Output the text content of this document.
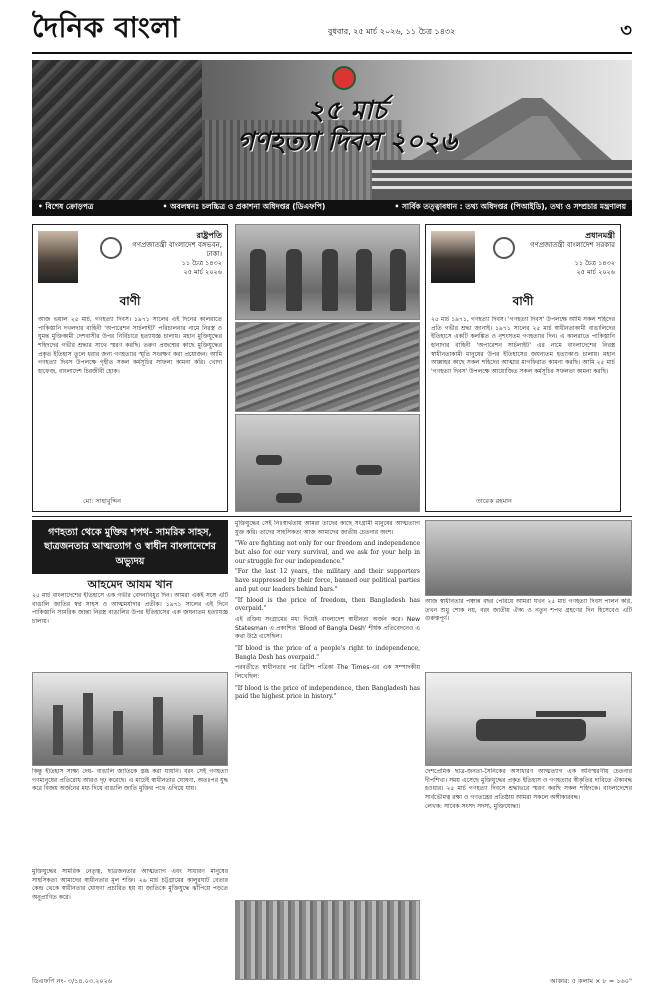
দৈনিক বাংলা	বুধবার, ২৫ মার্চ ২০২৬, ১১ চৈত্র ১৪৩২	৩
২৫ মার্চ
গণহত্যা দিবস ২০২৬
• বিশেষ ক্রোড়পত্র	• অবলম্বনঃ চলচ্চিত্র ও প্রকাশনা অধিদপ্তর (ডিএফপি)	• সার্বিক তত্ত্বাবধান : তথ্য অধিদপ্তর (পিআইডি), তথ্য ও সম্প্রচার মন্ত্রণালয়
রাষ্ট্রপতি
গণপ্রজাতন্ত্রী বাংলাদেশ বঙ্গভবন, ঢাকা।
১১ চৈত্র ১৪৩২
২৫ মার্চ ২০২৬
বাণী
আজ ভয়াল ২৫ মার্চ, গণহত্যা দিবস। ১৯৭১ সালের এই দিনের কালরাতে পাকিস্তানি দখলদার বাহিনী 'অপারেশন সার্চলাইট' পরিচালনার নামে নিরস্ত্র ও ঘুমন্ত মুক্তিকামী দেশবাসীর উপর নির্বিচারে হত্যাযজ্ঞ চালায়। মহান মুক্তিযুদ্ধের শহিদদের গভীর শ্রদ্ধার সাথে স্মরণ করছি। তরুণ প্রজন্মের কাছে মুক্তিযুদ্ধের প্রকৃত ইতিহাস তুলে ধরার জন্য গণহত্যার স্মৃতি সংরক্ষণ করা প্রয়োজন। আমি গণহত্যা দিবস উপলক্ষে গৃহীত সকল কর্মসূচির সাফল্য কামনা করি। খোদা হাফেজ, বাংলাদেশ চিরজীবী হোক।
মো: সাহাবুদ্দিন
প্রধানমন্ত্রী
গণপ্রজাতন্ত্রী বাংলাদেশ সরকার
১১ চৈত্র ১৪৩২
২৫ মার্চ ২০২৬
বাণী
২৫ মার্চ ১৯৭১, গণহত্যা দিবস। 'গণহত্যা দিবস' উপলক্ষে আমি সকল শহিদের প্রতি গভীর শ্রদ্ধা জানাই। ১৯৭১ সালের ২৫ মার্চ স্বাধীনতাকামী বাঙালিদের ইতিহাসে একটি কলঙ্কিত ও নৃশংসতম গণহত্যার দিন। এ কালরাতে পাকিস্তানি হানাদার বাহিনী 'অপারেশন সার্চলাইট' এর নামে বাংলাদেশের নিরস্ত্র স্বাধীনতাকামী মানুষের উপর ইতিহাসের জঘন্যতম হত্যাকাণ্ড চালায়। মহান আল্লাহর কাছে সকল শহিদের আত্মার মাগফিরাত কামনা করছি। আমি ২৫ মার্চ 'গণহত্যা দিবস' উপলক্ষে আয়োজিত সকল কর্মসূচির সফলতা কামনা করছি।
তারেক রহমান
গণহত্যা থেকে মুক্তির শপথ- সামরিক সাহস, ছাত্রজনতার আত্মত্যাগ ও স্বাধীন বাংলাদেশের অভ্যুদয়
আহমেদ আযম খান
২৫ মার্চ বাংলাদেশের ইতিহাসে এক গভীর বেদনাবিধুর দিন। আমরা একই সঙ্গে এটি বাঙালি জাতির স্বপ্ন সাহস ও আত্মমর্যাদার প্রতীক। ১৯৭১ সালের এই দিনে পাকিস্তানি সামরিক জান্তা নিরস্ত্র বাঙালির উপর ইতিহাসের এক জঘন্যতম হত্যাযজ্ঞ চালায়।
কিন্তু ইতিহাস সাক্ষ্য দেয়- বাঙালি জাতিকে স্তব্ধ করা যায়নি। বরং সেই গণহত্যা গণমানুষের প্রতিরোধ আরও দৃঢ় করেছে। এ মার্চেই স্বাধীনতার ঘোষণা, অতঃপর যুদ্ধ করে বিজয় অর্জনের মধ্য দিয়ে বাঙালি জাতি মুক্তির পথে এগিয়ে যায়।
মুক্তিযুদ্ধের সামরিক নেতৃত্ব, ছাত্রজনতার আত্মত্যাগ এবং সাধারণ মানুষের সাহসিকতা আমাদের স্বাধীনতার মূল শক্তি। ২৬ মার্চ চট্টগ্রামের কালুরঘাট বেতার কেন্দ্র থেকে স্বাধীনতার ঘোষণা প্রচারিত হয় যা জাতিকে মুক্তিযুদ্ধে ঝাঁপিয়ে পড়তে অনুপ্রাণিত করে।

মুক্তিযুদ্ধের সেই নিঃস্বার্থতায় আমরা তাদের কাছে সংগ্রামী মানুষের আত্মত্যাগ যুক্ত করি। তাদের সাহসিকতা আজ আমাদের জাতীয় চেতনার অংশ।

"We are fighting not only for our freedom and independence but also for our very survival, and we ask for your help in our struggle for our independence."

"For the last 12 years, the military and their supporters have suppressed by their force, banned our political parties and put our leaders behind bars."

"If blood is the price of freedom, then Bangladesh has overpaid."

এই রক্তিয় সংগ্রামের মধ্য দিয়েই বাংলাদেশ স্বাধীনতা অর্জন করে। New Statesman এ প্রকাশিত 'Blood of Bangla Desh' শীর্ষক প্রতিবেদনেও এ কথা উঠে এসেছিল।

"If blood is the price of a people's right to independence, Bangla Desh has overpaid."

পরবর্তীতে স্বাধীনতার পর ব্রিটিশ পত্রিকা The Times-এর এক সম্পাদকীয় লিখেছিল:

"If blood is the price of independence, then Bangladesh has paid the highest price in history."

আজ স্বাধীনতার পঞ্চান্ন বছর পেরিয়ে আমরা যখন ২৫ মার্চ গণহত্যা দিবস পালন করি, তখন শুধু শোক নয়, বরং জাতীয় ঐক্য ও নতুন শপথ গ্রহণের দিন হিসেবেও এটি গুরুত্বপূর্ণ।

দেশপ্রেমিক ছাত্র-জনতা-সৈনিকের অসাধারণ আত্মত্যাগ এক অবিস্মরণীয় চেতনার দীপশিখা। সময় এসেছে মুক্তিযুদ্ধের প্রকৃত ইতিহাস ও গণহত্যার স্বীকৃতির দাবিতে ঐক্যবদ্ধ হওয়ার। ২৫ মার্চ গণহত্যা দিবসে শ্রদ্ধাভরে স্মরণ করছি সকল শহিদকে। বাংলাদেশের সার্বভৌমত্ব রক্ষা ও গণতন্ত্রের প্রতিষ্ঠায় আমরা সকলে অঙ্গীকারবদ্ধ।

লেখক: সাবেক সংসদ সদস্য, মুক্তিযোদ্ধা।

ডিএফপি নং- ৩/১৪.০৩.২০২৬	আকার: ৫ কলাম × ৮ = ১৬০"
